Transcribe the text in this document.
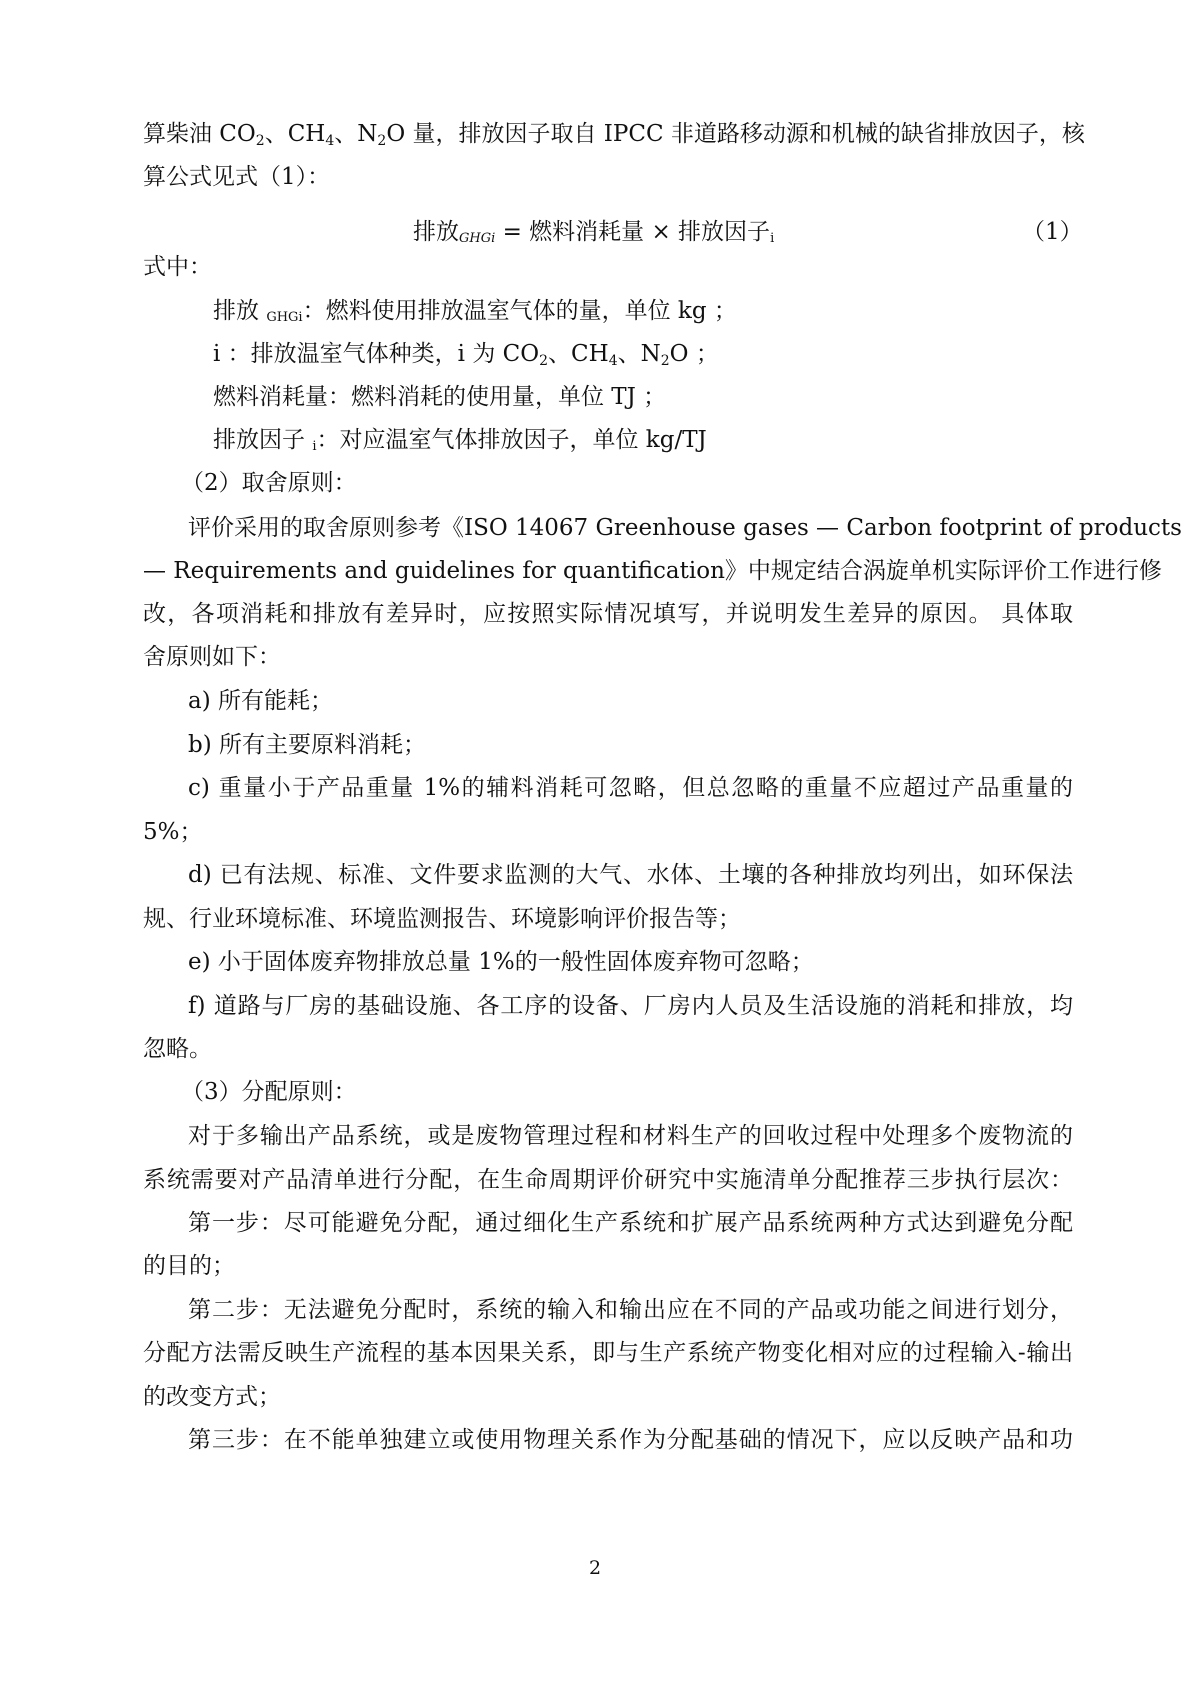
算柴油 $CO_2$、$CH_4$、$N_2O$ 量，排放因子取自 IPCC 非道路移动源和机械的缺省排放因子，核
算公式见式（1）：
排放GHGi = 燃料消耗量 × 排放因子i	（1）
式中：
排放 GHGi：燃料使用排放温室气体的量，单位 kg ；
i ：排放温室气体种类，i 为 $CO_2$、$CH_4$、$N_2O$ ；
燃料消耗量：燃料消耗的使用量，单位 TJ ；
排放因子 i：对应温室气体排放因子，单位 kg/TJ
（2）取舍原则：
评价采用的取舍原则参考《ISO 14067 Greenhouse gases — Carbon footprint of products
— Requirements and guidelines for quantification》中规定结合涡旋单机实际评价工作进行修
改，各项消耗和排放有差异时，应按照实际情况填写，并说明发生差异的原因。 具体取
舍原则如下：
a) 所有能耗；
b) 所有主要原料消耗；
c) 重量小于产品重量 1%的辅料消耗可忽略，但总忽略的重量不应超过产品重量的
5%；
d) 已有法规、标准、文件要求监测的大气、水体、土壤的各种排放均列出，如环保法
规、行业环境标准、环境监测报告、环境影响评价报告等；
e) 小于固体废弃物排放总量 1%的一般性固体废弃物可忽略；
f) 道路与厂房的基础设施、各工序的设备、厂房内人员及生活设施的消耗和排放，均
忽略。
（3）分配原则：
对于多输出产品系统，或是废物管理过程和材料生产的回收过程中处理多个废物流的
系统需要对产品清单进行分配，在生命周期评价研究中实施清单分配推荐三步执行层次：
第一步：尽可能避免分配，通过细化生产系统和扩展产品系统两种方式达到避免分配
的目的；
第二步：无法避免分配时，系统的输入和输出应在不同的产品或功能之间进行划分，
分配方法需反映生产流程的基本因果关系，即与生产系统产物变化相对应的过程输入-输出
的改变方式；
第三步：在不能单独建立或使用物理关系作为分配基础的情况下，应以反映产品和功
2
